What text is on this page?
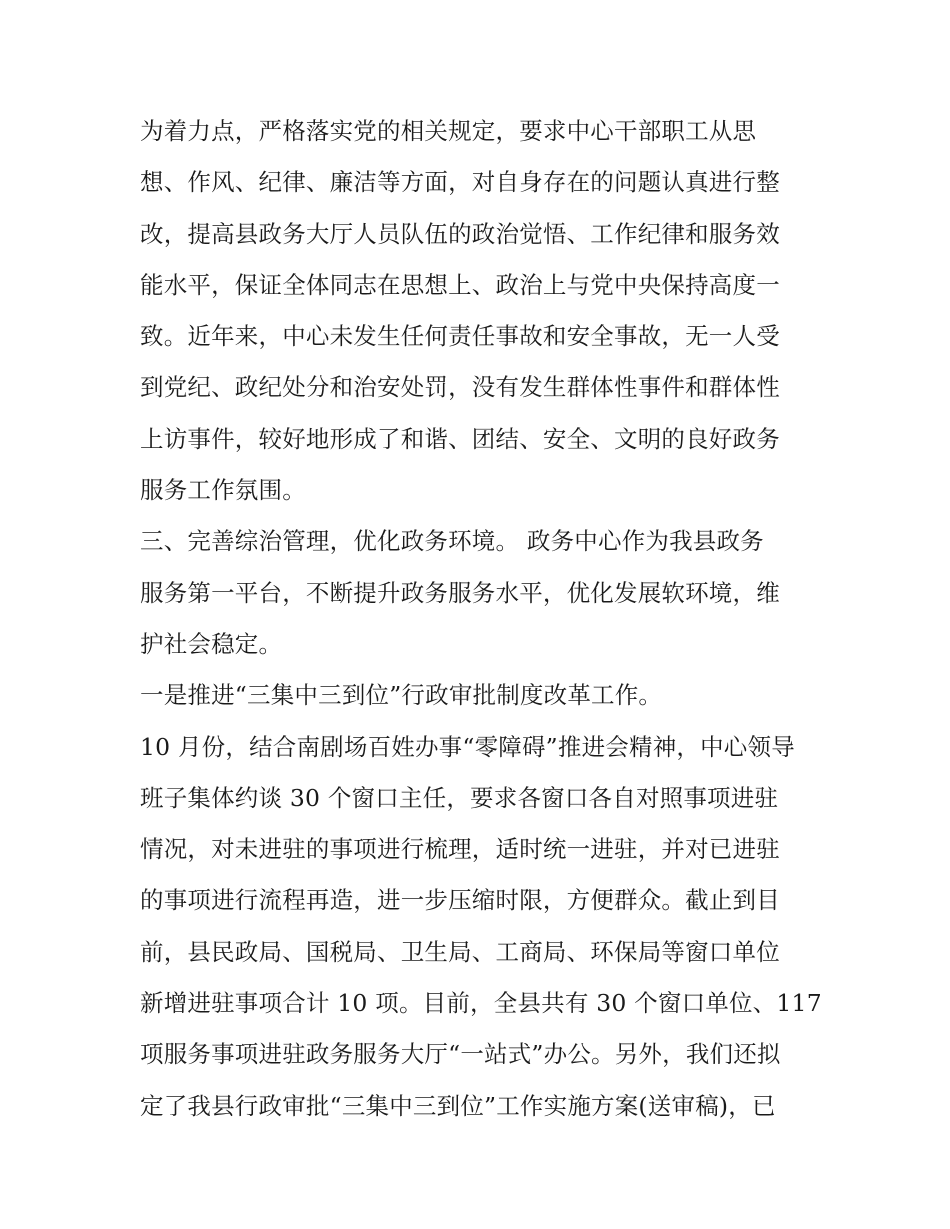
为着力点，严格落实党的相关规定，要求中心干部职工从思
想、作风、纪律、廉洁等方面，对自身存在的问题认真进行整
改，提高县政务大厅人员队伍的政治觉悟、工作纪律和服务效
能水平，保证全体同志在思想上、政治上与党中央保持高度一
致。近年来，中心未发生任何责任事故和安全事故，无一人受
到党纪、政纪处分和治安处罚，没有发生群体性事件和群体性
上访事件，较好地形成了和谐、团结、安全、文明的良好政务
服务工作氛围。
三、完善综治管理，优化政务环境。 政务中心作为我县政务
服务第一平台，不断提升政务服务水平，优化发展软环境，维
护社会稳定。
一是推进“三集中三到位”行政审批制度改革工作。
10 月份，结合南剧场百姓办事“零障碍”推进会精神，中心领导
班子集体约谈 30 个窗口主任，要求各窗口各自对照事项进驻
情况，对未进驻的事项进行梳理，适时统一进驻，并对已进驻
的事项进行流程再造，进一步压缩时限，方便群众。截止到目
前，县民政局、国税局、卫生局、工商局、环保局等窗口单位
新增进驻事项合计 10 项。目前，全县共有 30 个窗口单位、117
项服务事项进驻政务服务大厅“一站式”办公。另外，我们还拟
定了我县行政审批“三集中三到位”工作实施方案(送审稿)，已
